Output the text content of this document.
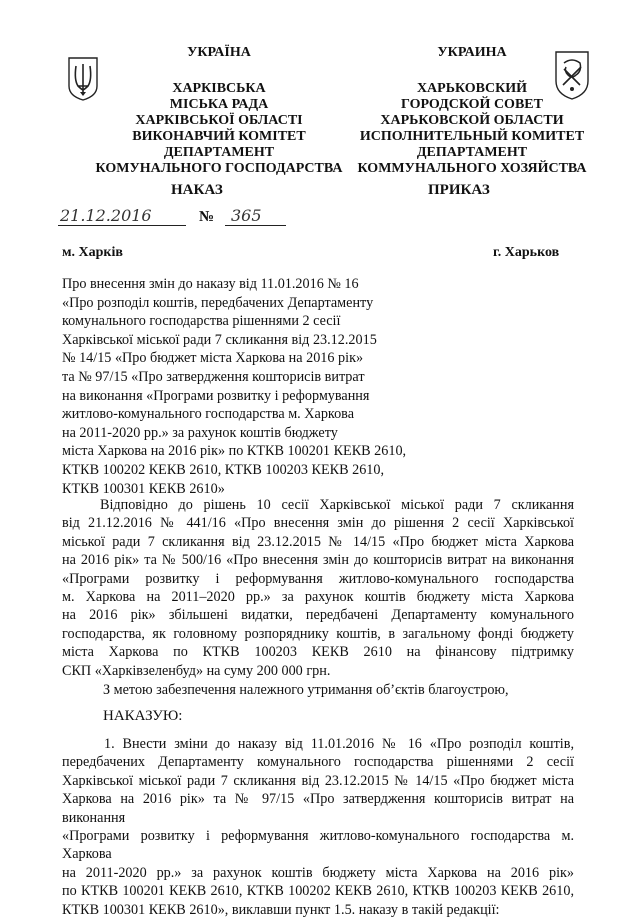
УКРАЇНА
ХАРКІВСЬКА
МІСЬКА РАДА
ХАРКІВСЬКОЇ ОБЛАСТІ
ВИКОНАВЧИЙ КОМІТЕТ
ДЕПАРТАМЕНТ
КОМУНАЛЬНОГО ГОСПОДАРСТВА
УКРАИНА
ХАРЬКОВСКИЙ
ГОРОДСКОЙ СОВЕТ
ХАРЬКОВСКОЙ ОБЛАСТИ
ИСПОЛНИТЕЛЬНЫЙ КОМИТЕТ
ДЕПАРТАМЕНТ
КОММУНАЛЬНОГО ХОЗЯЙСТВА
НАКАЗ	ПРИКАЗ
21.12.2016	№	365
м. Харків	г. Харьков
Про внесення змін до наказу від 11.01.2016 № 16
«Про розподіл коштів, передбачених Департаменту
комунального господарства рішеннями 2 сесії
Харківської міської ради 7 скликання від 23.12.2015
№ 14/15 «Про бюджет міста Харкова на 2016 рік»
та № 97/15 «Про затвердження кошторисів витрат
на виконання «Програми розвитку і реформування
житлово-комунального господарства м. Харкова
на 2011-2020 рр.» за рахунок коштів бюджету
міста Харкова на 2016 рік» по КТКВ 100201 КЕКВ 2610,
КТКВ 100202 КЕКВ 2610, КТКВ 100203 КЕКВ 2610,
КТКВ 100301 КЕКВ 2610»
Відповідно до рішень 10 сесії Харківської міської ради 7 скликання
від 21.12.2016 № 441/16 «Про внесення змін до рішення 2 сесії Харківської
міської ради 7 скликання від 23.12.2015 № 14/15 «Про бюджет міста Харкова
на 2016 рік» та № 500/16 «Про внесення змін до кошторисів витрат на виконання
«Програми розвитку і реформування житлово-комунального господарства
м. Харкова на 2011–2020 рр.» за рахунок коштів бюджету міста Харкова
на 2016 рік» збільшені видатки, передбачені Департаменту комунального
господарства, як головному розпоряднику коштів, в загальному фонді бюджету
міста Харкова по КТКВ 100203 КЕКВ 2610 на фінансову підтримку
СКП «Харківзеленбуд» на суму 200 000 грн.
З метою забезпечення належного утримання об’єктів благоустрою,
НАКАЗУЮ:
1. Внести зміни до наказу від 11.01.2016 № 16 «Про розподіл коштів,
передбачених Департаменту комунального господарства рішеннями 2 сесії
Харківської міської ради 7 скликання від 23.12.2015 № 14/15 «Про бюджет міста
Харкова на 2016 рік» та № 97/15 «Про затвердження кошторисів витрат на виконання
«Програми розвитку і реформування житлово-комунального господарства м. Харкова
на 2011-2020 рр.» за рахунок коштів бюджету міста Харкова на 2016 рік»
по КТКВ 100201 КЕКВ 2610, КТКВ 100202 КЕКВ 2610, КТКВ 100203 КЕКВ 2610,
КТКВ 100301 КЕКВ 2610», виклавши пункт 1.5. наказу в такій редакції:
